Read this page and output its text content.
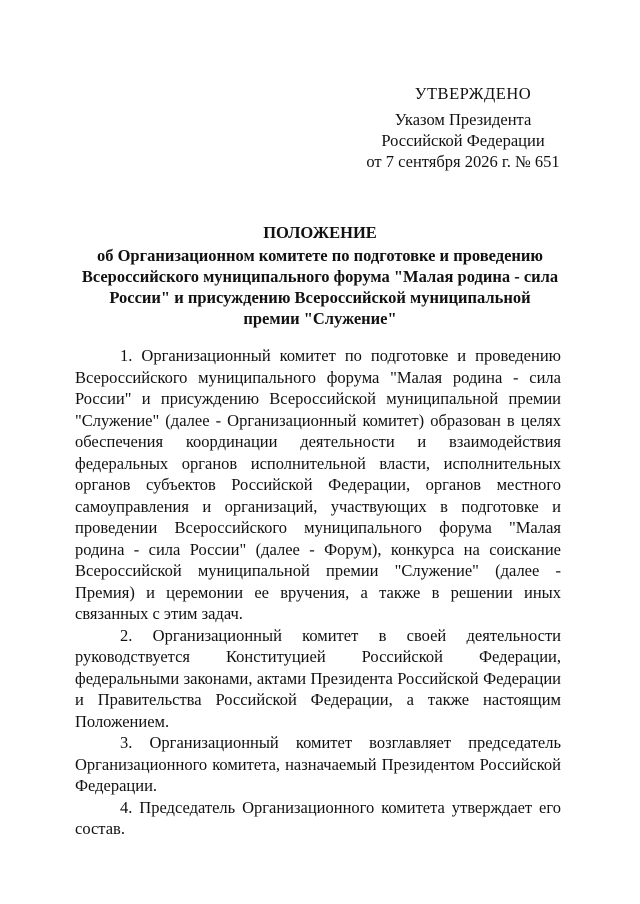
УТВЕРЖДЕНО
Указом Президента
Российской Федерации
от 7 сентября 2026 г. № 651
ПОЛОЖЕНИЕ
об Организационном комитете по подготовке и проведению
Всероссийского муниципального форума "Малая родина - сила
России" и присуждению Всероссийской муниципальной
премии "Служение"

1. Организационный комитет по подготовке и проведению Всероссийского муниципального форума "Малая родина - сила России" и присуждению Всероссийской муниципальной премии "Служение" (далее - Организационный комитет) образован в целях обеспечения координации деятельности и взаимодействия федеральных органов исполнительной власти, исполнительных органов субъектов Российской Федерации, органов местного самоуправления и организаций, участвующих в подготовке и проведении Всероссийского муниципального форума "Малая родина - сила России" (далее - Форум), конкурса на соискание Всероссийской муниципальной премии "Служение" (далее - Премия) и церемонии ее вручения, а также в решении иных связанных с этим задач.

2. Организационный комитет в своей деятельности руководствуется Конституцией Российской Федерации, федеральными законами, актами Президента Российской Федерации и Правительства Российской Федерации, а также настоящим Положением.

3. Организационный комитет возглавляет председатель Организационного комитета, назначаемый Президентом Российской Федерации.

4. Председатель Организационного комитета утверждает его состав.
